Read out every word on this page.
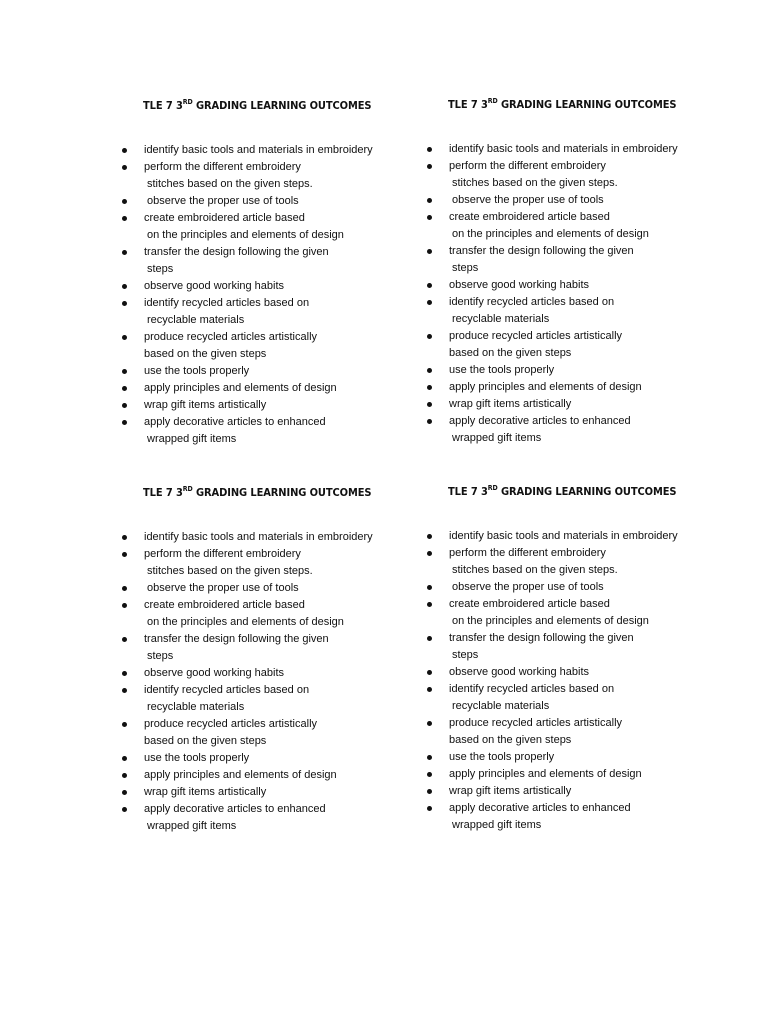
TLE 7 3RD GRADING LEARNING OUTCOMES
identify basic tools and materials in embroidery
perform the different embroidery
stitches based on the given steps.
observe the proper use of tools
create embroidered article based
on the principles and elements of design
transfer the design following the given
steps
observe good working habits
identify recycled articles based on
recyclable materials
produce recycled articles artistically
based on the given steps
use the tools properly
apply principles and elements of design
wrap gift items artistically
apply decorative articles to enhanced
wrapped gift items
TLE 7 3RD GRADING LEARNING OUTCOMES
identify basic tools and materials in embroidery
perform the different embroidery
stitches based on the given steps.
observe the proper use of tools
create embroidered article based
on the principles and elements of design
transfer the design following the given
steps
observe good working habits
identify recycled articles based on
recyclable materials
produce recycled articles artistically
based on the given steps
use the tools properly
apply principles and elements of design
wrap gift items artistically
apply decorative articles to enhanced
wrapped gift items
TLE 7 3RD GRADING LEARNING OUTCOMES
identify basic tools and materials in embroidery
perform the different embroidery
stitches based on the given steps.
observe the proper use of tools
create embroidered article based
on the principles and elements of design
transfer the design following the given
steps
observe good working habits
identify recycled articles based on
recyclable materials
produce recycled articles artistically
based on the given steps
use the tools properly
apply principles and elements of design
wrap gift items artistically
apply decorative articles to enhanced
wrapped gift items
TLE 7 3RD GRADING LEARNING OUTCOMES
identify basic tools and materials in embroidery
perform the different embroidery
stitches based on the given steps.
observe the proper use of tools
create embroidered article based
on the principles and elements of design
transfer the design following the given
steps
observe good working habits
identify recycled articles based on
recyclable materials
produce recycled articles artistically
based on the given steps
use the tools properly
apply principles and elements of design
wrap gift items artistically
apply decorative articles to enhanced
wrapped gift items
